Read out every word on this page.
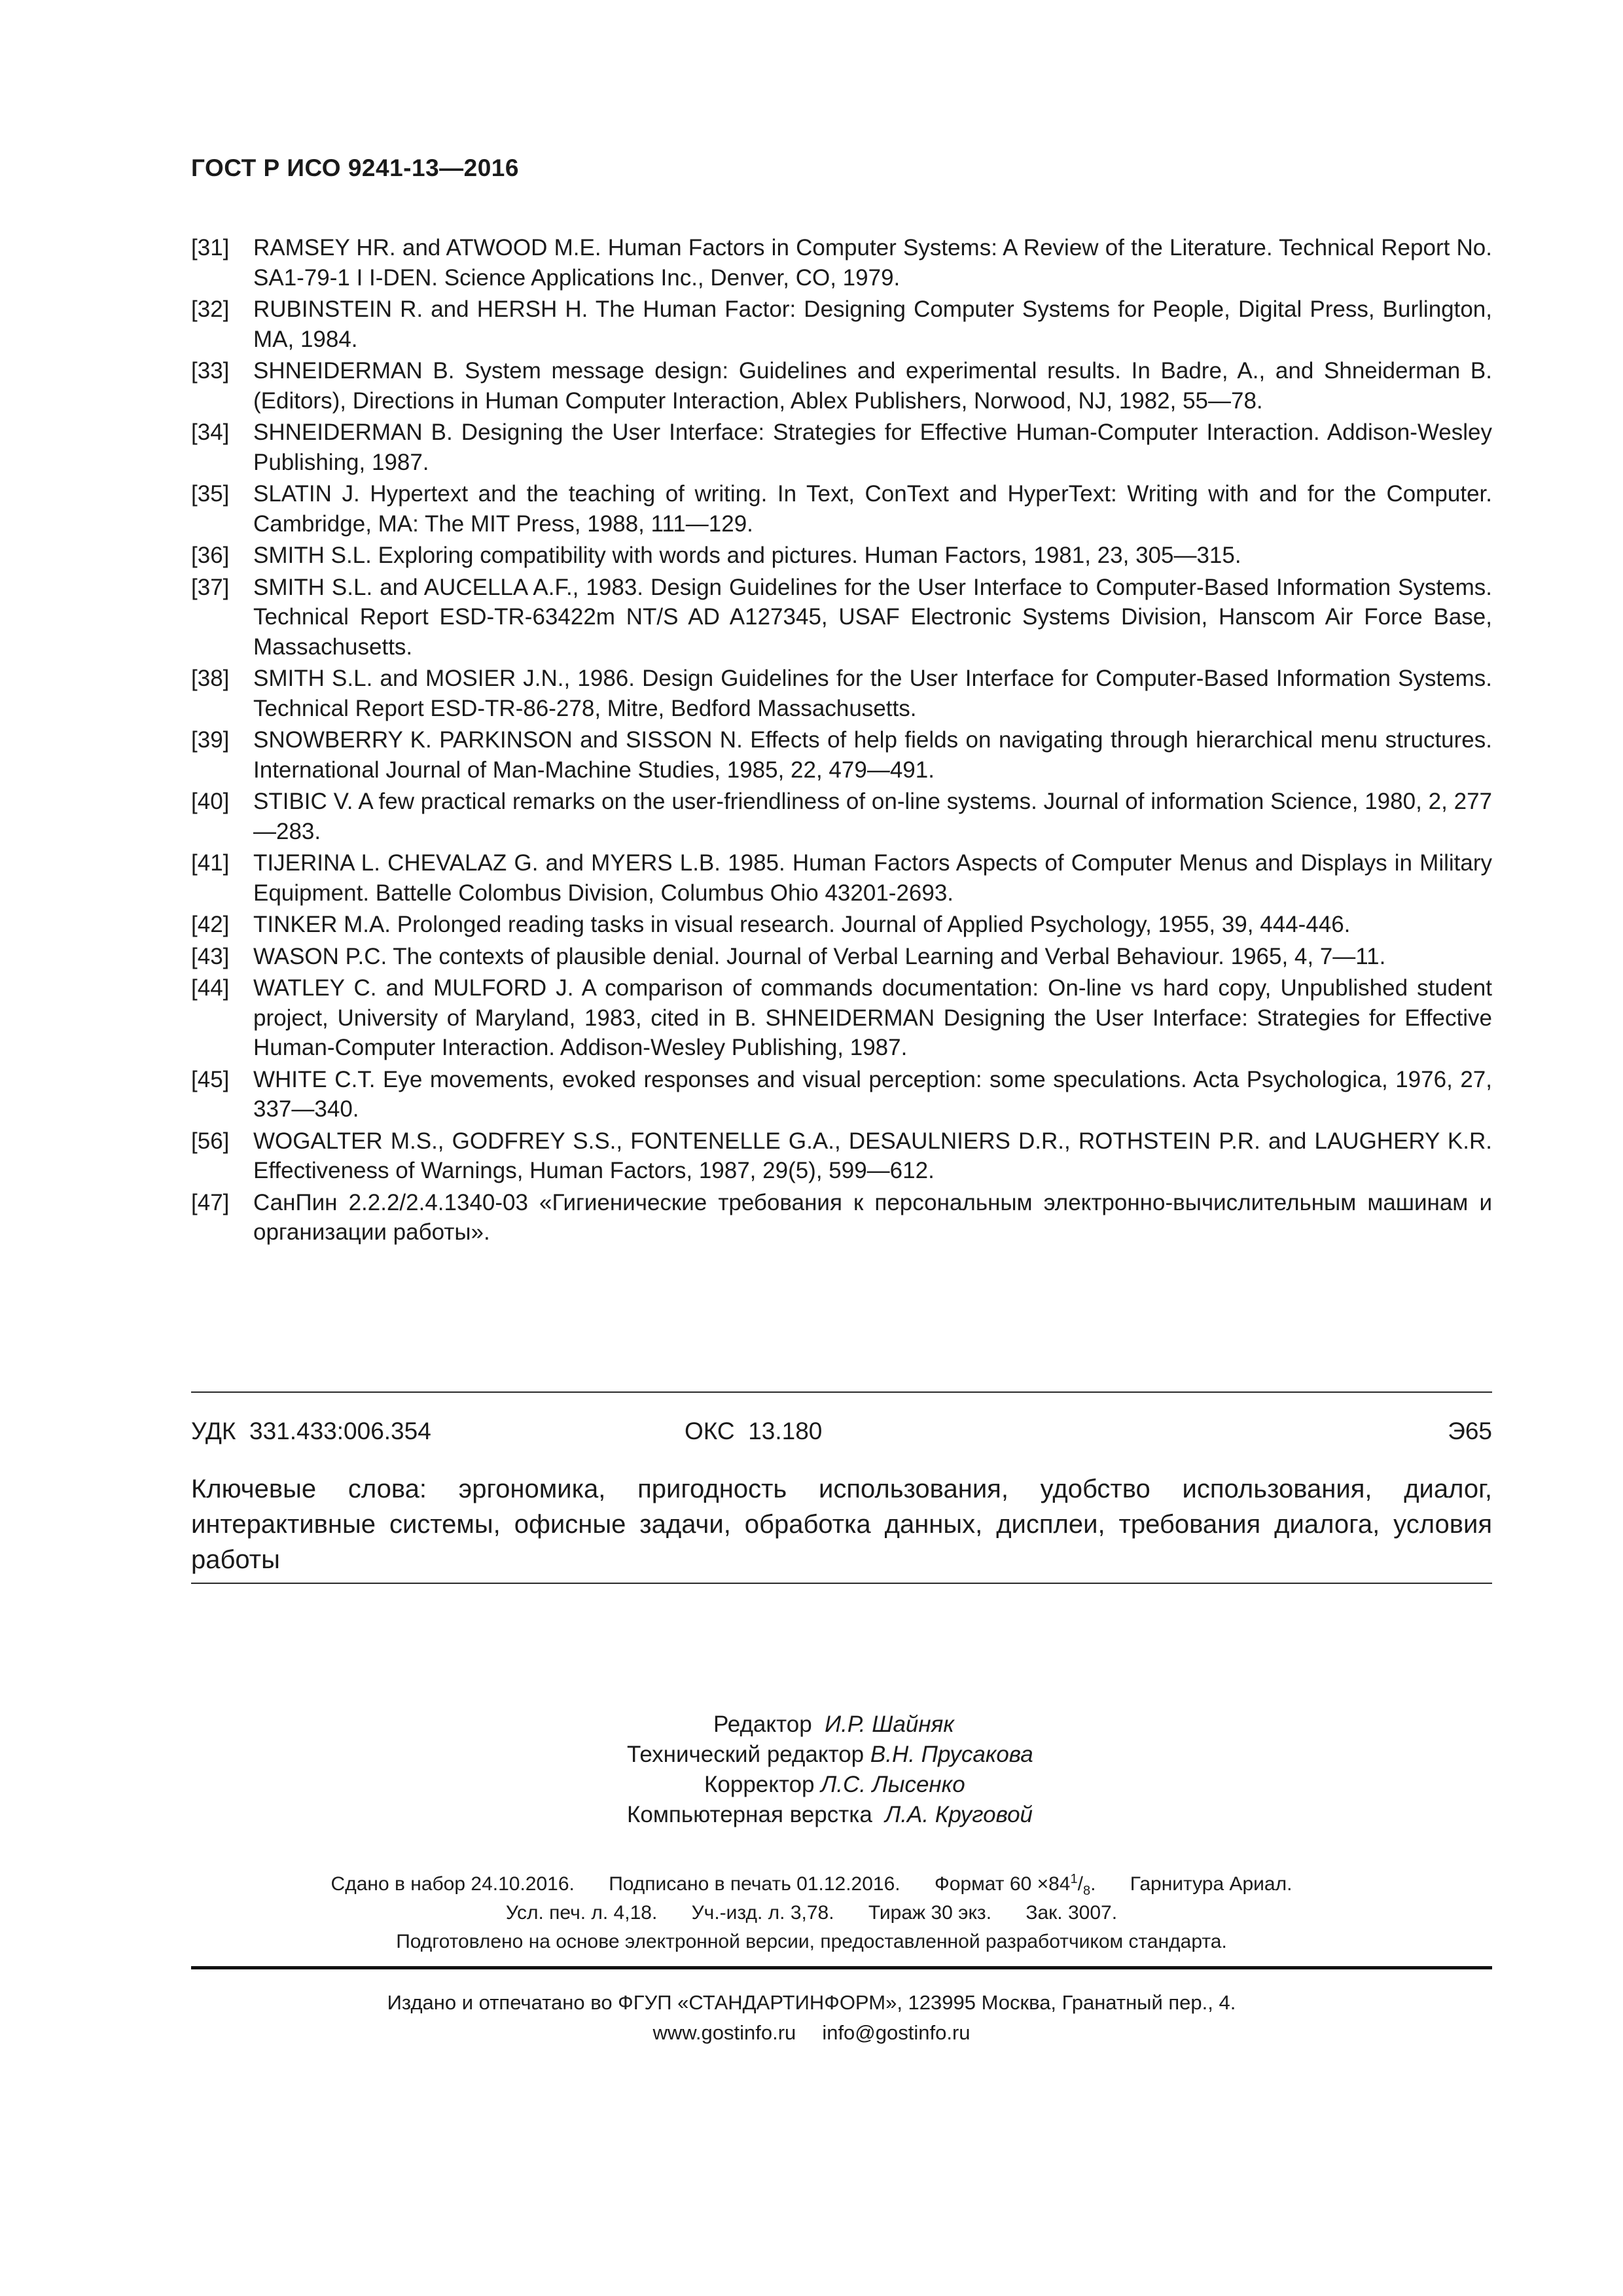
ГОСТ Р ИСО 9241-13—2016
[31]	RAMSEY HR. and ATWOOD M.E. Human Factors in Computer Systems: A Review of the Literature. Technical Report No. SA1-79-1 I I-DEN. Science Applications Inc., Denver, CO, 1979.
[32]	RUBINSTEIN R. and HERSH H. The Human Factor: Designing Computer Systems for People, Digital Press, Burlington, MA, 1984.
[33]	SHNEIDERMAN B. System message design: Guidelines and experimental results. In Badre, A., and Shneiderman B. (Editors), Directions in Human Computer Interaction, Ablex Publishers, Norwood, NJ, 1982, 55—78.
[34]	SHNEIDERMAN B. Designing the User Interface: Strategies for Effective Human-Computer Interaction. Addison-Wesley Publishing, 1987.
[35]	SLATIN J. Hypertext and the teaching of writing. In Text, ConText and HyperText: Writing with and for the Computer. Cambridge, MA: The MIT Press, 1988, 111—129.
[36]	SMITH S.L. Exploring compatibility with words and pictures. Human Factors, 1981, 23, 305—315.
[37]	SMITH S.L. and AUCELLA A.F., 1983. Design Guidelines for the User Interface to Computer-Based Information Systems. Technical Report ESD-TR-63422m NT/S AD A127345, USAF Electronic Systems Division, Hanscom Air Force Base, Massachusetts.
[38]	SMITH S.L. and MOSIER J.N., 1986. Design Guidelines for the User Interface for Computer-Based Information Systems. Technical Report ESD-TR-86-278, Mitre, Bedford Massachusetts.
[39]	SNOWBERRY K. PARKINSON and SISSON N. Effects of help fields on navigating through hierarchical menu structures. International Journal of Man-Machine Studies, 1985, 22, 479—491.
[40]	STIBIC V. A few practical remarks on the user-friendliness of on-line systems. Journal of information Science, 1980, 2, 277—283.
[41]	TIJERINA L. CHEVALAZ G. and MYERS L.B. 1985. Human Factors Aspects of Computer Menus and Displays in Military Equipment. Battelle Colombus Division, Columbus Ohio 43201-2693.
[42]	TINKER M.A. Prolonged reading tasks in visual research. Journal of Applied Psychology, 1955, 39, 444-446.
[43]	WASON P.C. The contexts of plausible denial. Journal of Verbal Learning and Verbal Behaviour. 1965, 4, 7—11.
[44]	WATLEY C. and MULFORD J. A comparison of commands documentation: On-line vs hard copy, Unpublished student project, University of Maryland, 1983, cited in B. SHNEIDERMAN Designing the User Interface: Strategies for Effective Human-Computer Interaction. Addison-Wesley Publishing, 1987.
[45]	WHITE C.T. Eye movements, evoked responses and visual perception: some speculations. Acta Psychologica, 1976, 27, 337—340.
[56]	WOGALTER M.S., GODFREY S.S., FONTENELLE G.A., DESAULNIERS D.R., ROTHSTEIN P.R. and LAUGHERY K.R. Effectiveness of Warnings, Human Factors, 1987, 29(5), 599—612.
[47]	СанПин 2.2.2/2.4.1340-03 «Гигиенические требования к персональным электронно-вычислительным машинам и организации работы».
УДК  331.433:006.354	Э65
ОКС  13.180
Ключевые слова: эргономика, пригодность использования, удобство использования, диалог, интерактивные системы, офисные задачи, обработка данных, дисплеи, требования диалога, условия работы
Редактор И.Р. Шайняк
Технический редактор В.Н. Прусакова
Корректор Л.С. Лысенко
Компьютерная верстка Л.А. Круговой
Сдано в набор 24.10.2016. Подписано в печать 01.12.2016. Формат $60 \times 84^1/_8$. Гарнитура Ариал.
Усл. печ. л. 4,18. Уч.-изд. л. 3,78. Тираж 30 экз. Зак. 3007.
Подготовлено на основе электронной версии, предоставленной разработчиком стандарта.
Издано и отпечатано во ФГУП «СТАНДАРТИНФОРМ», 123995 Москва, Гранатный пер., 4.
www.gostinfo.ru info@gostinfo.ru
